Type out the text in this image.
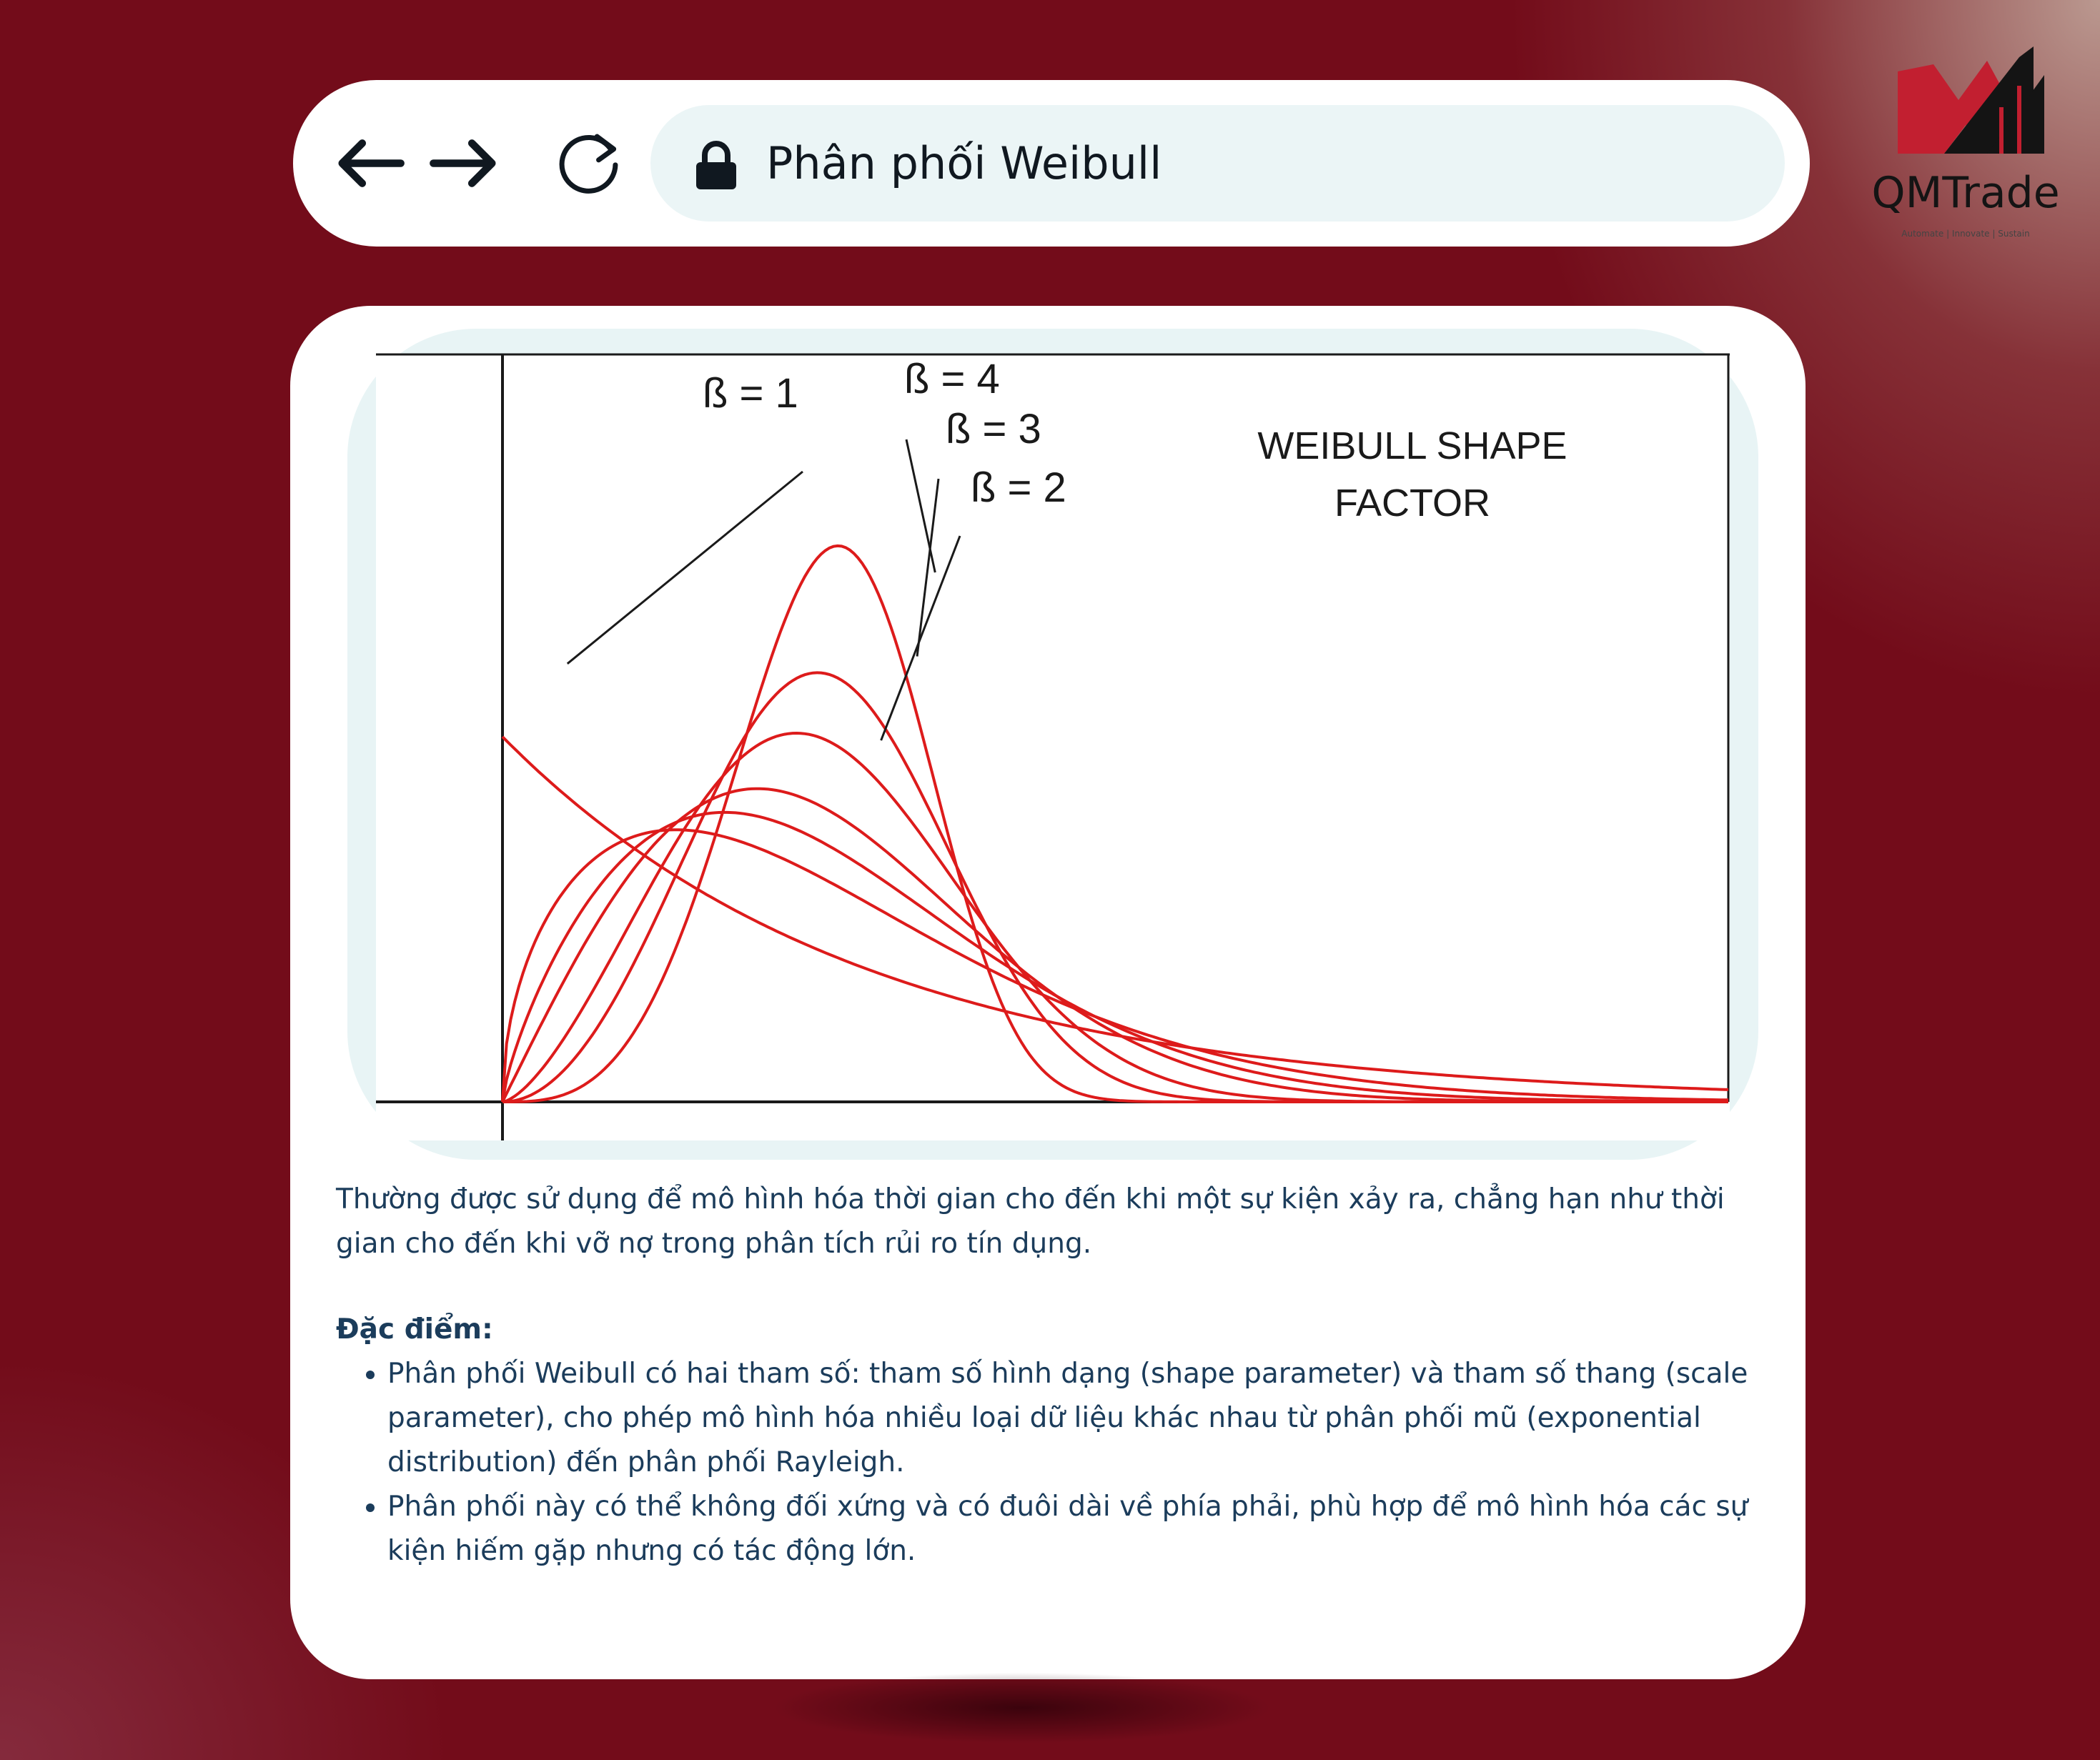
Phân phối Weibull
QMTrade
Automate | Innovate | Sustain
WEIBULL SHAPE
FACTOR
ß = 1	ß = 4
ß = 3
ß = 2
Thường được sử dụng để mô hình hóa thời gian cho đến khi một sự kiện xảy ra, chẳng hạn như thời gian cho đến khi vỡ nợ trong phân tích rủi ro tín dụng.
Đặc điểm:
• Phân phối Weibull có hai tham số: tham số hình dạng (shape parameter) và tham số thang (scale parameter), cho phép mô hình hóa nhiều loại dữ liệu khác nhau từ phân phối mũ (exponential distribution) đến phân phối Rayleigh.
• Phân phối này có thể không đối xứng và có đuôi dài về phía phải, phù hợp để mô hình hóa các sự kiện hiếm gặp nhưng có tác động lớn.
